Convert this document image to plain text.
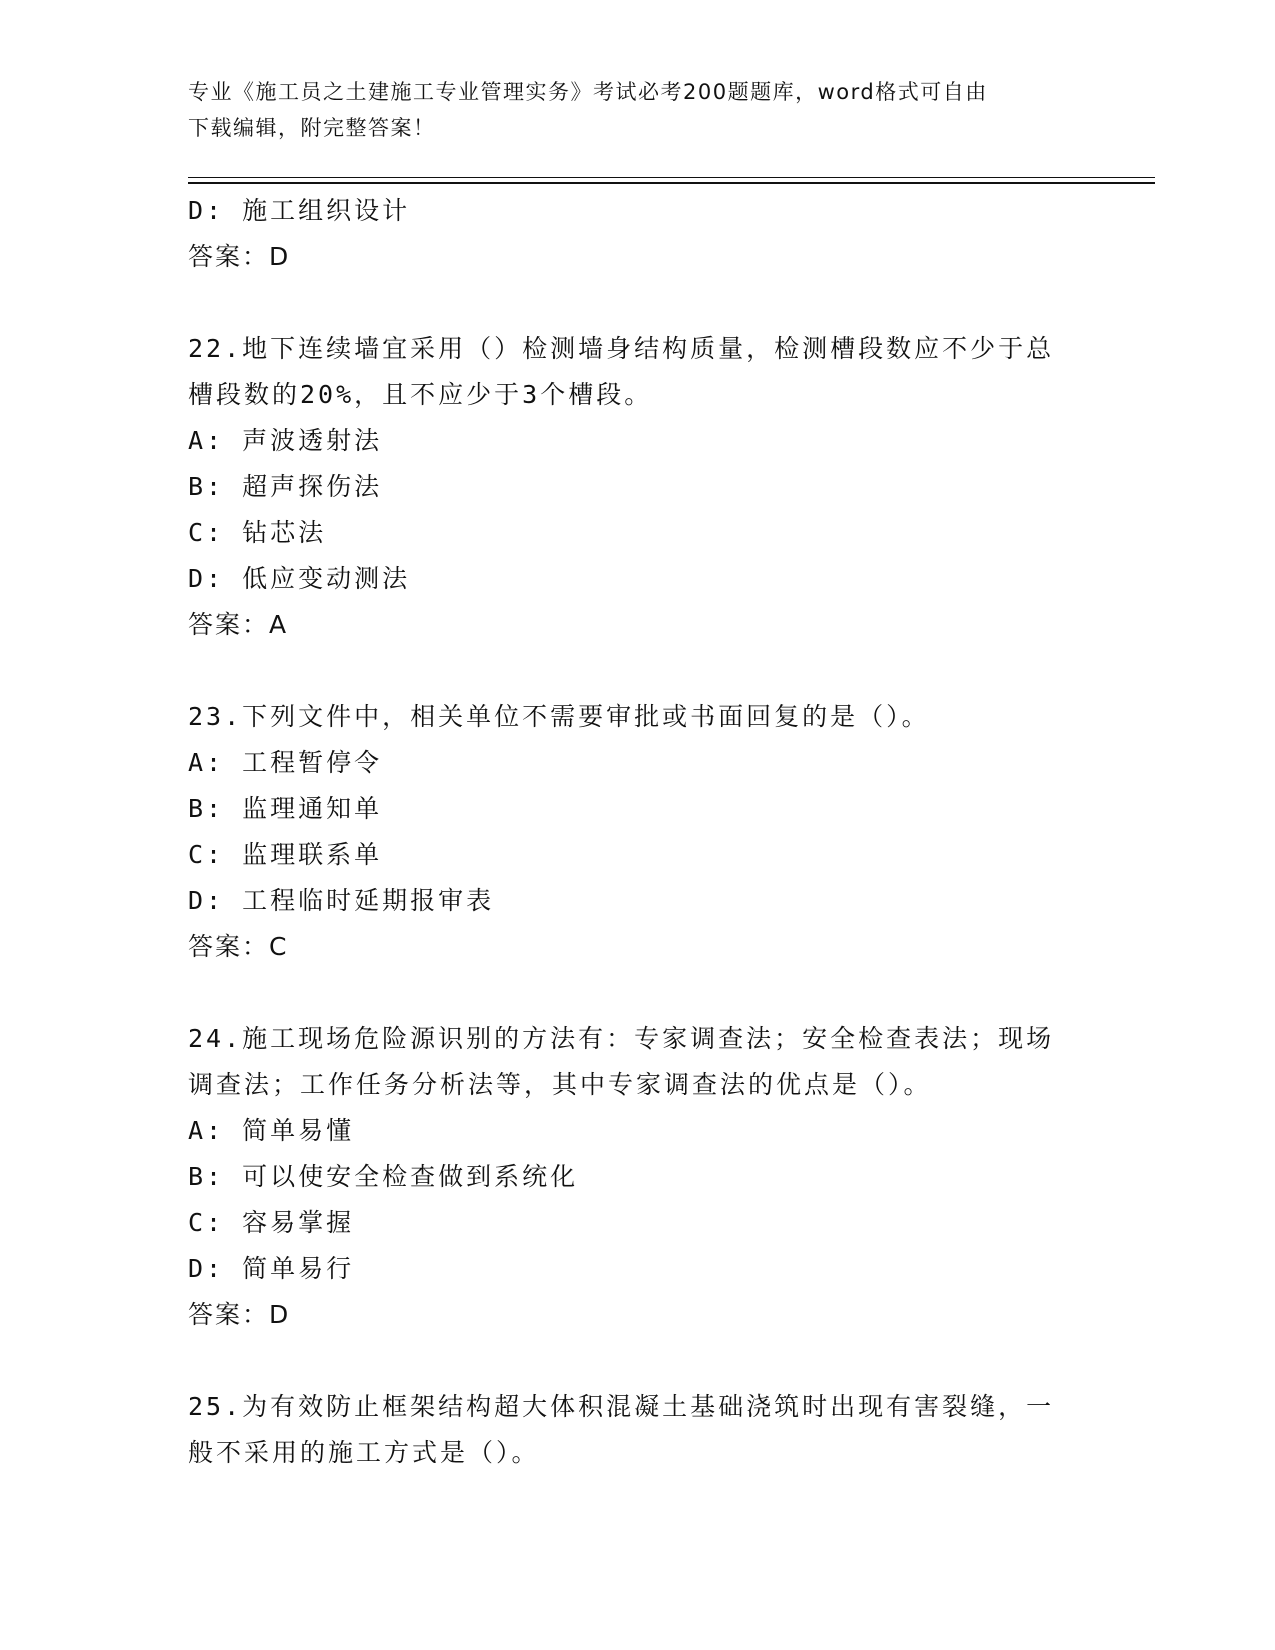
专业《施工员之土建施工专业管理实务》考试必考200题题库，word格式可自由
下载编辑，附完整答案！
D: 施工组织设计
答案：D
22.地下连续墙宜采用（）检测墙身结构质量，检测槽段数应不少于总
槽段数的20%，且不应少于3个槽段。
A: 声波透射法
B: 超声探伤法
C: 钻芯法
D: 低应变动测法
答案：A
23.下列文件中，相关单位不需要审批或书面回复的是（）。
A: 工程暂停令
B: 监理通知单
C: 监理联系单
D: 工程临时延期报审表
答案：C
24.施工现场危险源识别的方法有：专家调查法；安全检查表法；现场
调查法；工作任务分析法等，其中专家调查法的优点是（）。
A: 简单易懂
B: 可以使安全检查做到系统化
C: 容易掌握
D: 简单易行
答案：D
25.为有效防止框架结构超大体积混凝土基础浇筑时出现有害裂缝，一
般不采用的施工方式是（）。
